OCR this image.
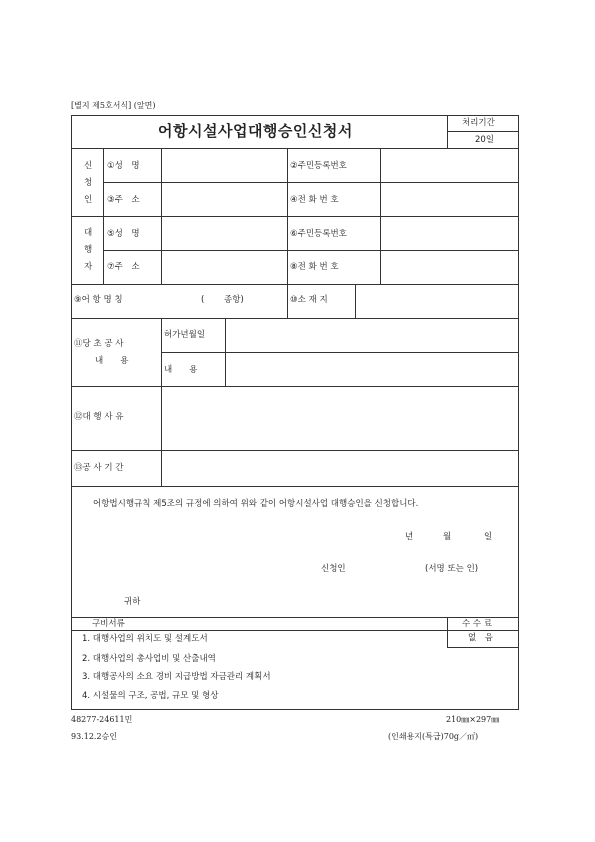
[별지 제5호서식] (앞면)
어항시설사업대행승인신청서	처리기간
20일
신
청
인
①성　명	②주민등록번호
③주　소	④전 화 번 호
대
행
자
⑤성　명	⑥주민등록번호
⑦주　소	⑧전 화 번 호
⑨어 항 명 칭	(　　 종항)	⑩소 재 지
⑪당 초 공 사
내　　용
허가년월일
내　　용
⑫대 행 사 유
⑬공 사 기 간
어항법시행규칙 제5조의 규정에 의하여 위와 같이 어항시설사업 대행승인을 신청합니다.
년	월	일
신청인	(서명 또는 인)
귀하
구비서류	수 수 료
없　음
1. 대행사업의 위치도 및 설계도서
2. 대행사업의 총사업비 및 산출내역
3. 대행공사의 소요 경비 지급방법 자금관리 계획서
4. 시설물의 구조, 공법, 규모 및 형상
48277-24611민
93.12.2승인
210㎜×297㎜
(인쇄용지(특급)70g／㎡)
